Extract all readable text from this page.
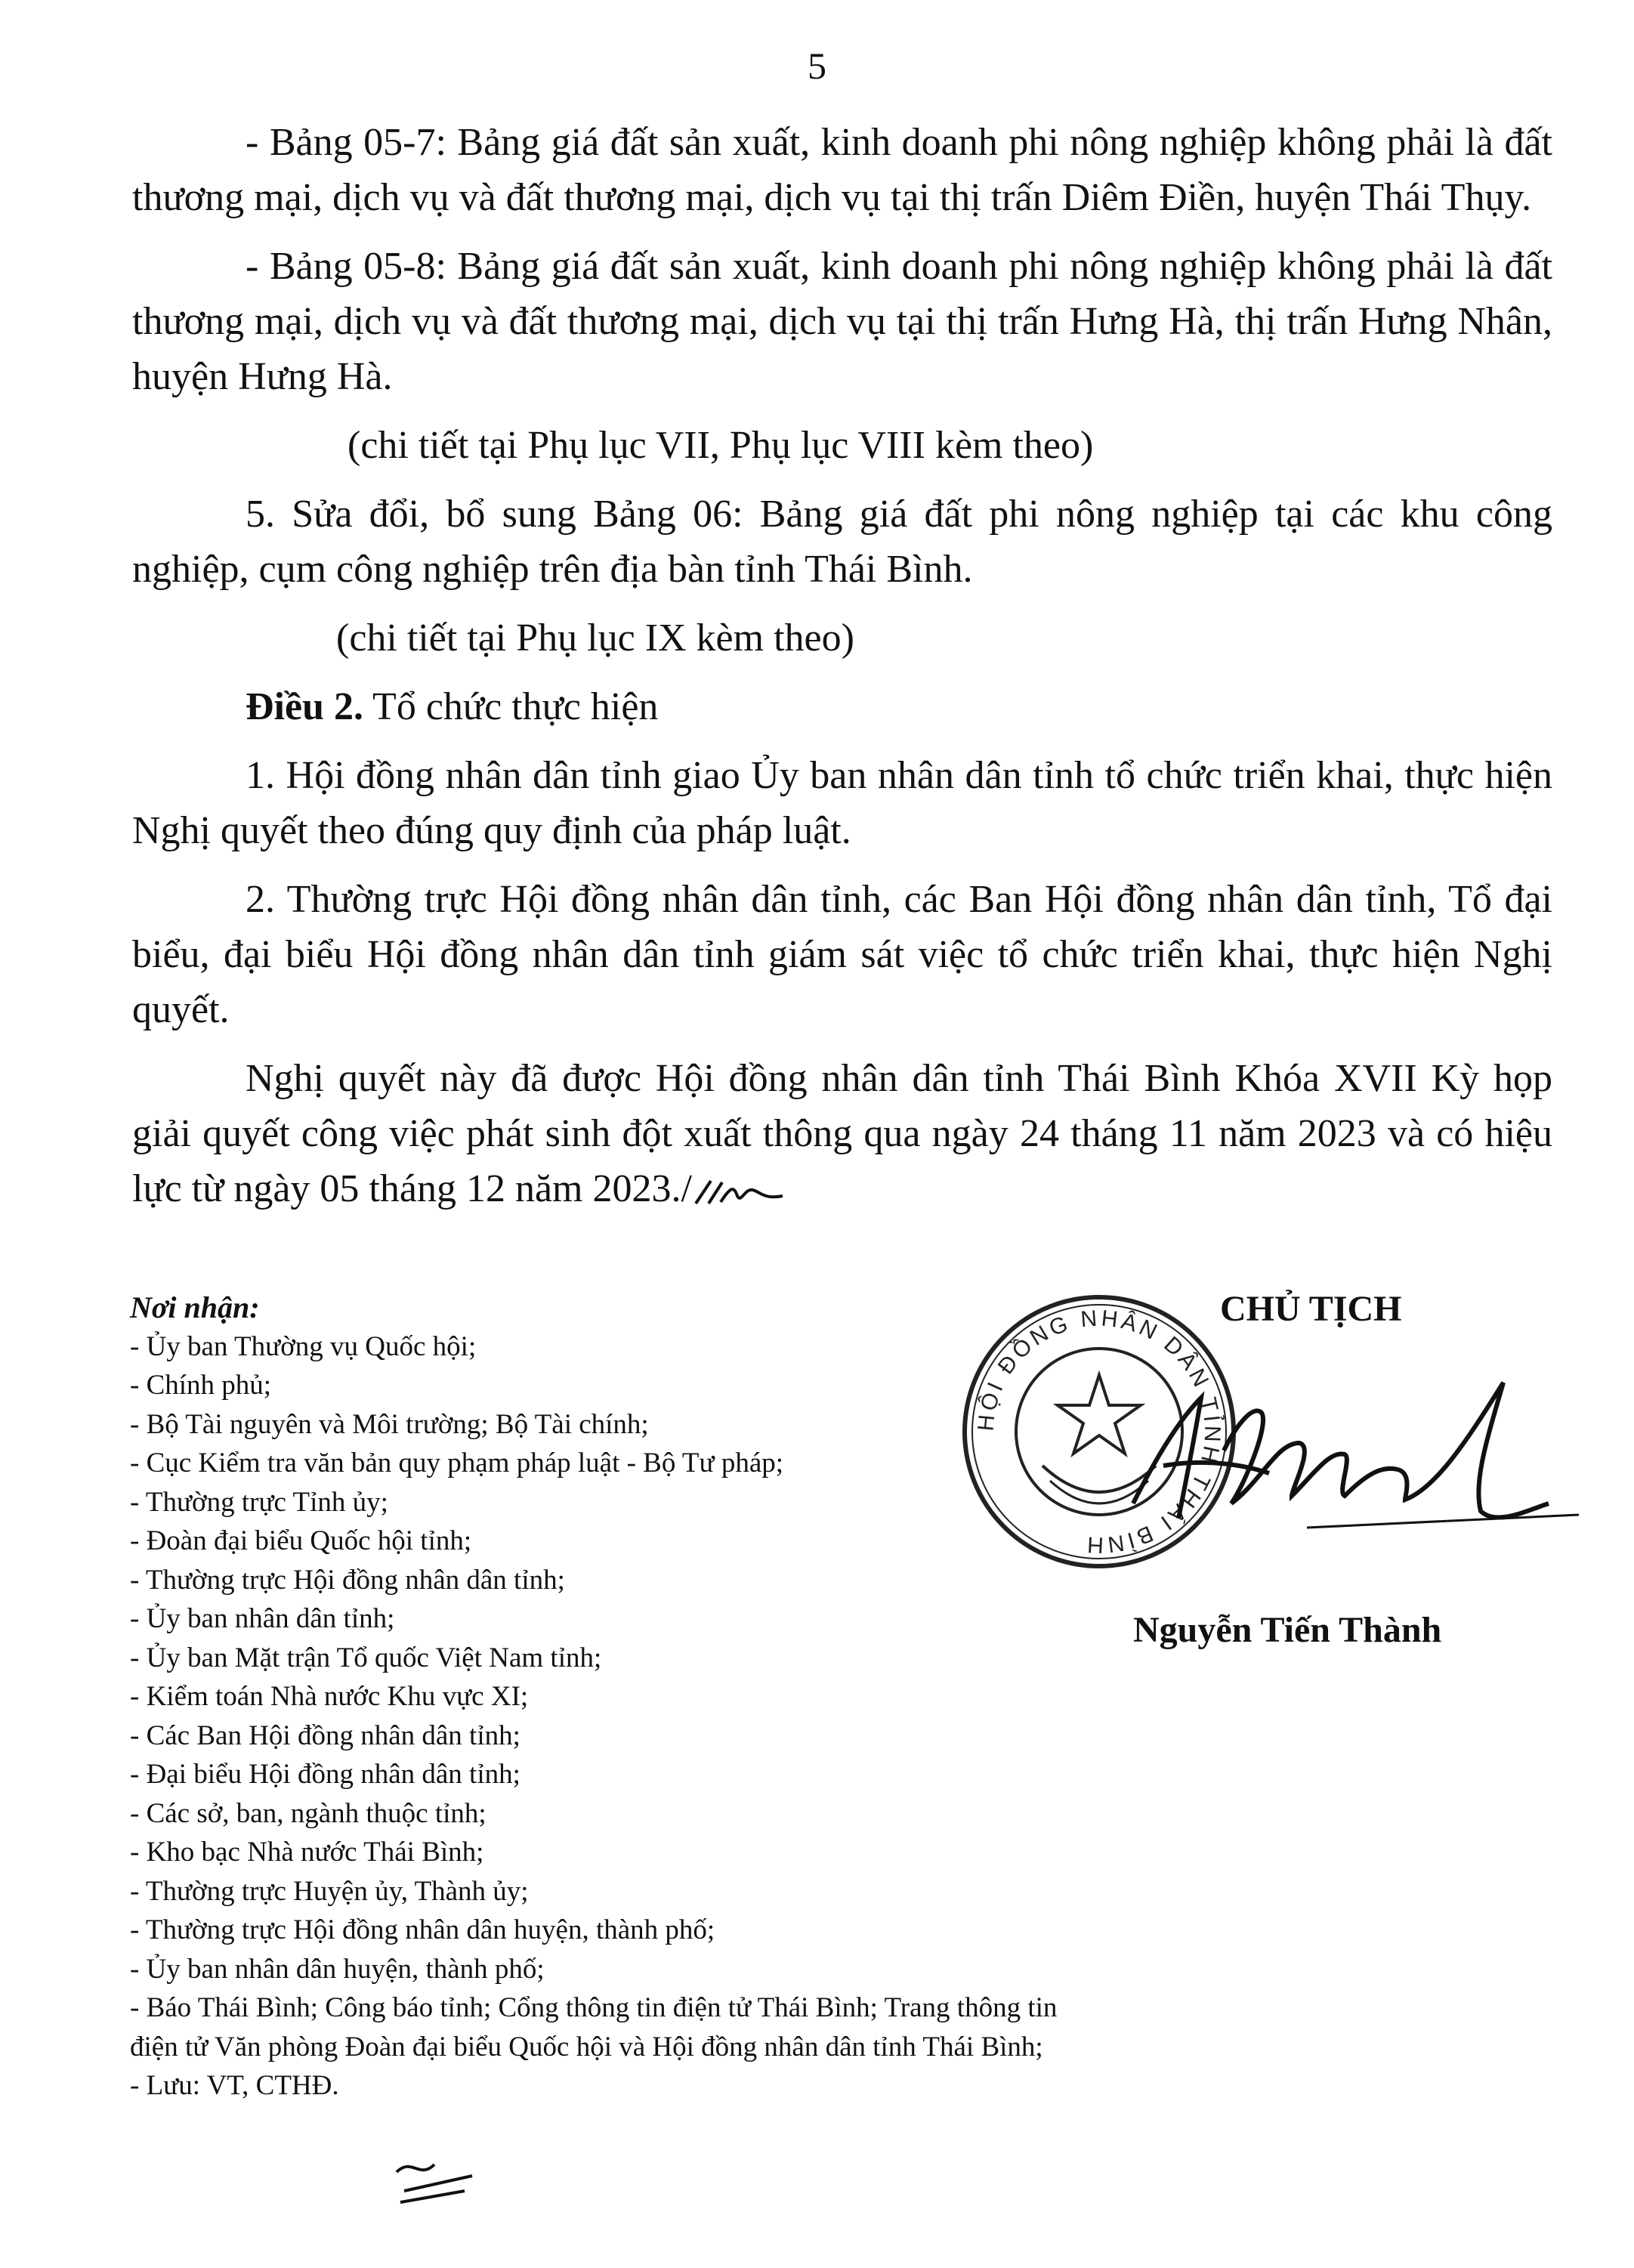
5

- Bảng 05-7: Bảng giá đất sản xuất, kinh doanh phi nông nghiệp không phải là đất thương mại, dịch vụ và đất thương mại, dịch vụ tại thị trấn Diêm Điền, huyện Thái Thụy.

- Bảng 05-8: Bảng giá đất sản xuất, kinh doanh phi nông nghiệp không phải là đất thương mại, dịch vụ và đất thương mại, dịch vụ tại thị trấn Hưng Hà, thị trấn Hưng Nhân, huyện Hưng Hà.

(chi tiết tại Phụ lục VII, Phụ lục VIII kèm theo)

5. Sửa đổi, bổ sung Bảng 06: Bảng giá đất phi nông nghiệp tại các khu công nghiệp, cụm công nghiệp trên địa bàn tỉnh Thái Bình.

(chi tiết tại Phụ lục IX kèm theo)

Điều 2. Tổ chức thực hiện

1. Hội đồng nhân dân tỉnh giao Ủy ban nhân dân tỉnh tổ chức triển khai, thực hiện Nghị quyết theo đúng quy định của pháp luật.

2. Thường trực Hội đồng nhân dân tỉnh, các Ban Hội đồng nhân dân tỉnh, Tổ đại biểu, đại biểu Hội đồng nhân dân tỉnh giám sát việc tổ chức triển khai, thực hiện Nghị quyết.

Nghị quyết này đã được Hội đồng nhân dân tỉnh Thái Bình Khóa XVII Kỳ họp giải quyết công việc phát sinh đột xuất thông qua ngày 24 tháng 11 năm 2023 và có hiệu lực từ ngày 05 tháng 12 năm 2023./

Nơi nhận:
- Ủy ban Thường vụ Quốc hội;
- Chính phủ;
- Bộ Tài nguyên và Môi trường; Bộ Tài chính;
- Cục Kiểm tra văn bản quy phạm pháp luật - Bộ Tư pháp;
- Thường trực Tỉnh ủy;
- Đoàn đại biểu Quốc hội tỉnh;
- Thường trực Hội đồng nhân dân tỉnh;
- Ủy ban nhân dân tỉnh;
- Ủy ban Mặt trận Tổ quốc Việt Nam tỉnh;
- Kiểm toán Nhà nước Khu vực XI;
- Các Ban Hội đồng nhân dân tỉnh;
- Đại biểu Hội đồng nhân dân tỉnh;
- Các sở, ban, ngành thuộc tỉnh;
- Kho bạc Nhà nước Thái Bình;
- Thường trực Huyện ủy, Thành ủy;
- Thường trực Hội đồng nhân dân huyện, thành phố;
- Ủy ban nhân dân huyện, thành phố;
- Báo Thái Bình; Công báo tỉnh; Cổng thông tin điện tử Thái Bình; Trang thông tin điện tử Văn phòng Đoàn đại biểu Quốc hội và Hội đồng nhân dân tỉnh Thái Bình;
- Lưu: VT, CTHĐ.
HỘI ĐỒNG NHÂN DÂN TỈNH THÁI BÌNH
CHỦ TỊCH
Nguyễn Tiến Thành
